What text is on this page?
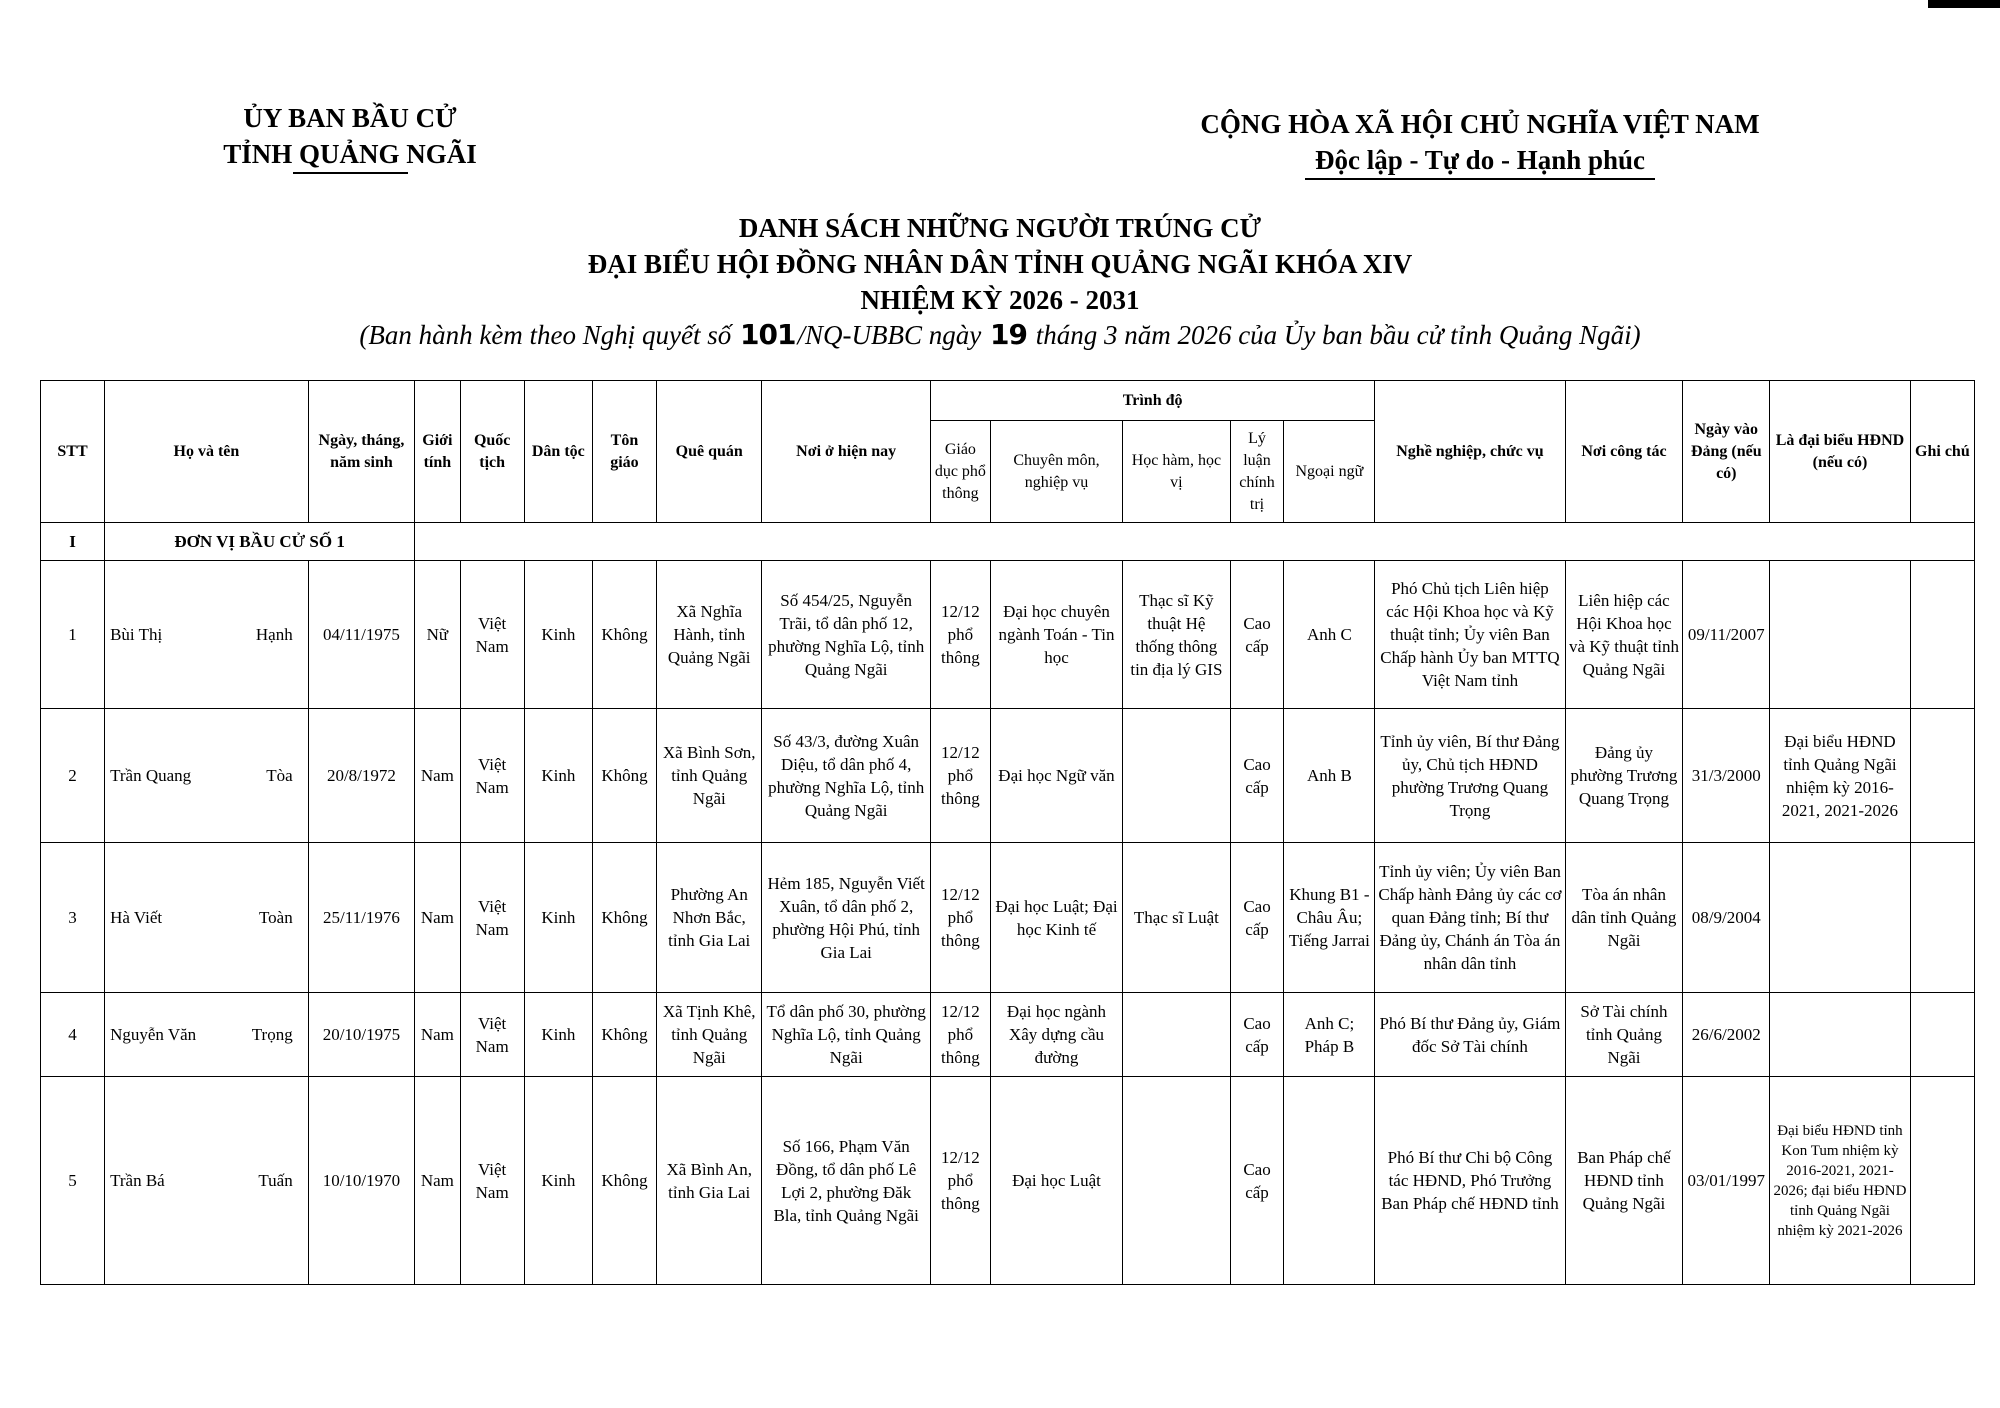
ỦY BAN BẦU CỬ
TỈNH QUẢNG NGÃI
CỘNG HÒA XÃ HỘI CHỦ NGHĨA VIỆT NAM
Độc lập - Tự do - Hạnh phúc
DANH SÁCH NHỮNG NGƯỜI TRÚNG CỬ
ĐẠI BIỂU HỘI ĐỒNG NHÂN DÂN TỈNH QUẢNG NGÃI KHÓA XIV
NHIỆM KỲ 2026 - 2031
(Ban hành kèm theo Nghị quyết số 101/NQ-UBBC ngày 19 tháng 3 năm 2026 của Ủy ban bầu cử tỉnh Quảng Ngãi)
STT	Họ và tên	Ngày, tháng, năm sinh	Giới tính	Quốc tịch	Dân tộc	Tôn giáo	Quê quán	Nơi ở hiện nay	Trình độ					Nghề nghiệp, chức vụ	Nơi công tác	Ngày vào Đảng (nếu có)	Là đại biểu HĐND (nếu có)	Ghi chú
									Giáo dục phổ thông	Chuyên môn, nghiệp vụ	Học hàm, học vị	Lý luận chính trị	Ngoại ngữ					
I	ĐƠN VỊ BẦU CỬ SỐ 1																	
1	Bùi Thị Hạnh	04/11/1975	Nữ	Việt Nam	Kinh	Không	Xã Nghĩa Hành, tỉnh Quảng Ngãi	Số 454/25, Nguyễn Trãi, tổ dân phố 12, phường Nghĩa Lộ, tỉnh Quảng Ngãi	12/12 phổ thông	Đại học chuyên ngành Toán - Tin học	Thạc sĩ Kỹ thuật Hệ thống thông tin địa lý GIS	Cao cấp	Anh C	Phó Chủ tịch Liên hiệp các Hội Khoa học và Kỹ thuật tỉnh; Ủy viên Ban Chấp hành Ủy ban MTTQ Việt Nam tỉnh	Liên hiệp các Hội Khoa học và Kỹ thuật tỉnh Quảng Ngãi	09/11/2007		
2	Trần Quang Tòa	20/8/1972	Nam	Việt Nam	Kinh	Không	Xã Bình Sơn, tỉnh Quảng Ngãi	Số 43/3, đường Xuân Diệu, tổ dân phố 4, phường Nghĩa Lộ, tỉnh Quảng Ngãi	12/12 phổ thông	Đại học Ngữ văn		Cao cấp	Anh B	Tỉnh ủy viên, Bí thư Đảng ủy, Chủ tịch HĐND phường Trương Quang Trọng	Đảng ủy phường Trương Quang Trọng	31/3/2000	Đại biểu HĐND tỉnh Quảng Ngãi nhiệm kỳ 2016-2021, 2021-2026	
3	Hà Viết Toàn	25/11/1976	Nam	Việt Nam	Kinh	Không	Phường An Nhơn Bắc, tỉnh Gia Lai	Hẻm 185, Nguyễn Viết Xuân, tổ dân phố 2, phường Hội Phú, tỉnh Gia Lai	12/12 phổ thông	Đại học Luật; Đại học Kinh tế	Thạc sĩ Luật	Cao cấp	Khung B1 - Châu Âu; Tiếng Jarrai	Tỉnh ủy viên; Ủy viên Ban Chấp hành Đảng ủy các cơ quan Đảng tỉnh; Bí thư Đảng ủy, Chánh án Tòa án nhân dân tỉnh	Tòa án nhân dân tỉnh Quảng Ngãi	08/9/2004		
4	Nguyễn Văn Trọng	20/10/1975	Nam	Việt Nam	Kinh	Không	Xã Tịnh Khê, tỉnh Quảng Ngãi	Tổ dân phố 30, phường Nghĩa Lộ, tỉnh Quảng Ngãi	12/12 phổ thông	Đại học ngành Xây dựng cầu đường		Cao cấp	Anh C; Pháp B	Phó Bí thư Đảng ủy, Giám đốc Sở Tài chính	Sở Tài chính tỉnh Quảng Ngãi	26/6/2002		
5	Trần Bá Tuấn	10/10/1970	Nam	Việt Nam	Kinh	Không	Xã Bình An, tỉnh Gia Lai	Số 166, Phạm Văn Đồng, tổ dân phố Lê Lợi 2, phường Đăk Bla, tỉnh Quảng Ngãi	12/12 phổ thông	Đại học Luật		Cao cấp		Phó Bí thư Chi bộ Công tác HĐND, Phó Trưởng Ban Pháp chế HĐND tỉnh	Ban Pháp chế HĐND tỉnh Quảng Ngãi	03/01/1997	Đại biểu HĐND tỉnh Kon Tum nhiệm kỳ 2016-2021, 2021-2026; đại biểu HĐND tỉnh Quảng Ngãi nhiệm kỳ 2021-2026	
